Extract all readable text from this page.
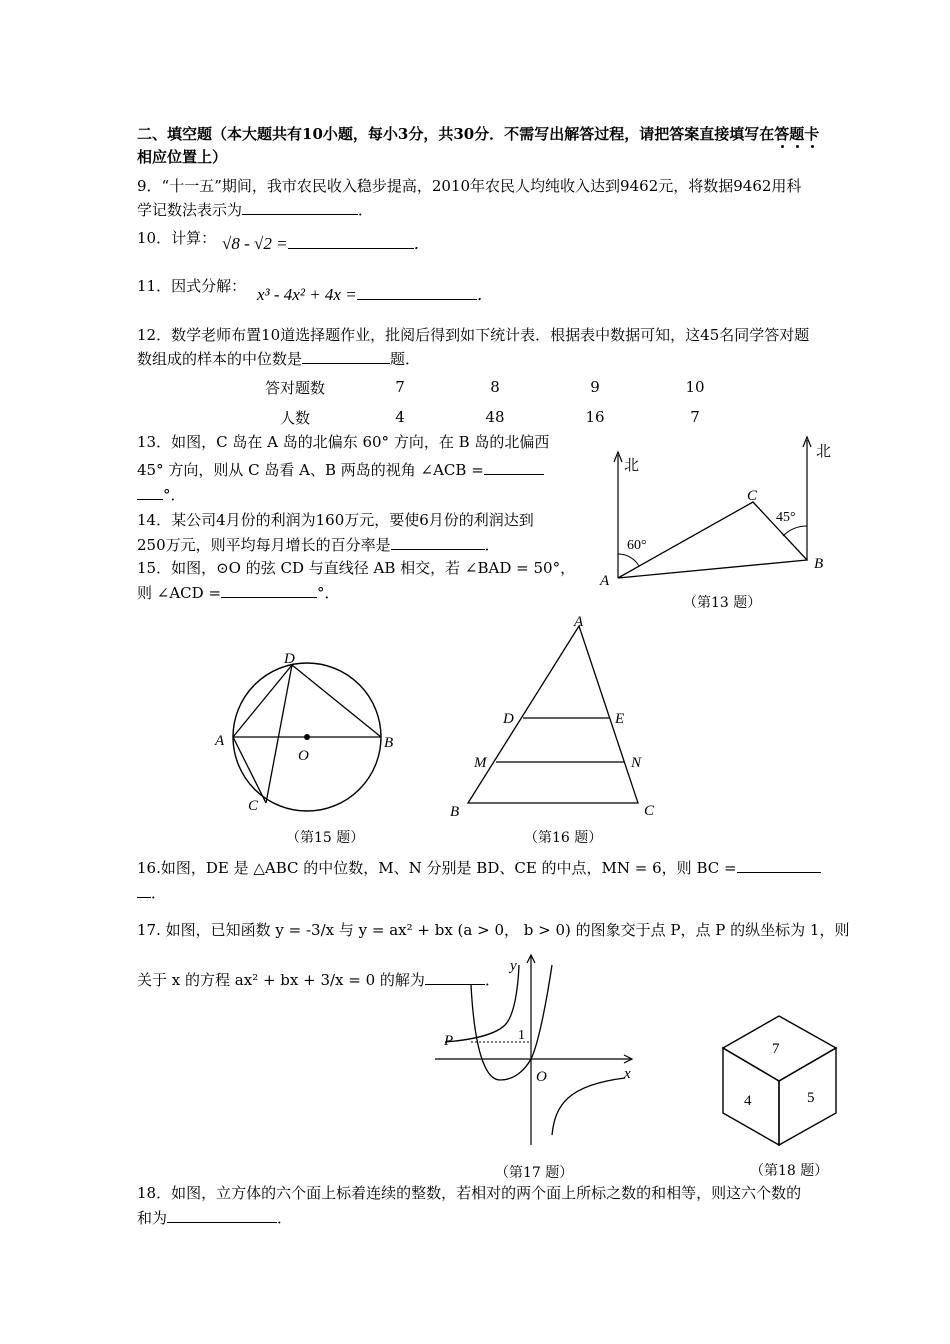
二、填空题（本大题共有10小题，每小3分，共30分．不需写出解答过程，请把答案直接填写在答题卡
相应位置上）
9．“十一五”期间，我市农民收入稳步提高，2010年农民人均纯收入达到9462元，将数据9462用科
学记数法表示为	．
10．计算： √8 - √2 =	．
11．因式分解： x³ - 4x² + 4x =	．
12．数学老师布置10道选择题作业，批阅后得到如下统计表．根据表中数据可知，这45名同学答对题
数组成的样本的中位数是	题．
答对题数	7	8	9	10
人数	4	48	16	7
13．如图，C 岛在 A 岛的北偏东 60° 方向，在 B 岛的北偏西
45° 方向，则从 C 岛看 A、B 两岛的视角 ∠ACB =
°．
14．某公司4月份的利润为160万元，要使6月份的利润达到
250万元，则平均每月增长的百分率是	．
15．如图，⊙O 的弦 CD 与直线径 AB 相交，若 ∠BAD = 50°，
则 ∠ACD =	°．
北
北
A
B
C
60°
45°
（第13 题）
A	B
C
D
O
（第15 题）
A
B	C
D	E
M	N
（第16 题）
16.如图，DE 是 △ABC 的中位数，M、N 分别是 BD、CE 的中点，MN = 6，则 BC =
．
17. 如图，已知函数 y = -3/x 与 y = ax² + bx (a > 0， b > 0) 的图象交于点 P，点 P 的纵坐标为 1，则
关于 x 的方程 ax² + bx + 3/x = 0 的解为	．
y
x
O
P	1
（第17 题）
7
4	5
（第18 题）
18．如图，立方体的六个面上标着连续的整数，若相对的两个面上所标之数的和相等，则这六个数的
和为	．
